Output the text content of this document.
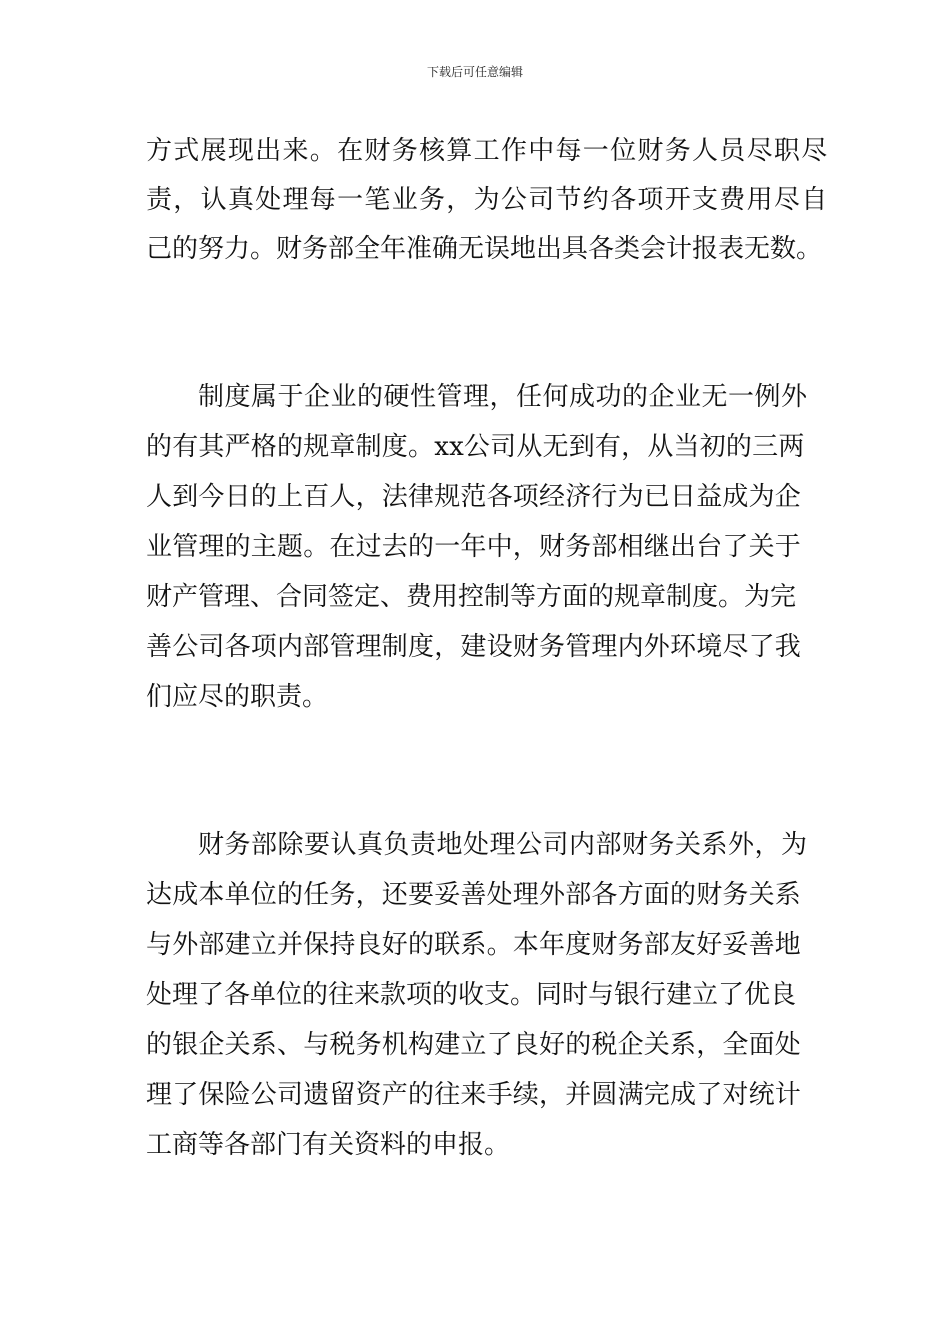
下载后可任意编辑
方式展现出来。在财务核算工作中每一位财务人员尽职尽
责，认真处理每一笔业务，为公司节约各项开支费用尽自
己的努力。财务部全年准确无误地出具各类会计报表无数。
制度属于企业的硬性管理，任何成功的企业无一例外
的有其严格的规章制度。xx公司从无到有，从当初的三两
人到今日的上百人，法律规范各项经济行为已日益成为企
业管理的主题。在过去的一年中，财务部相继出台了关于
财产管理、合同签定、费用控制等方面的规章制度。为完
善公司各项内部管理制度，建设财务管理内外环境尽了我
们应尽的职责。
财务部除要认真负责地处理公司内部财务关系外，为
达成本单位的任务，还要妥善处理外部各方面的财务关系
与外部建立并保持良好的联系。本年度财务部友好妥善地
处理了各单位的往来款项的收支。同时与银行建立了优良
的银企关系、与税务机构建立了良好的税企关系，全面处
理了保险公司遗留资产的往来手续，并圆满完成了对统计
工商等各部门有关资料的申报。
